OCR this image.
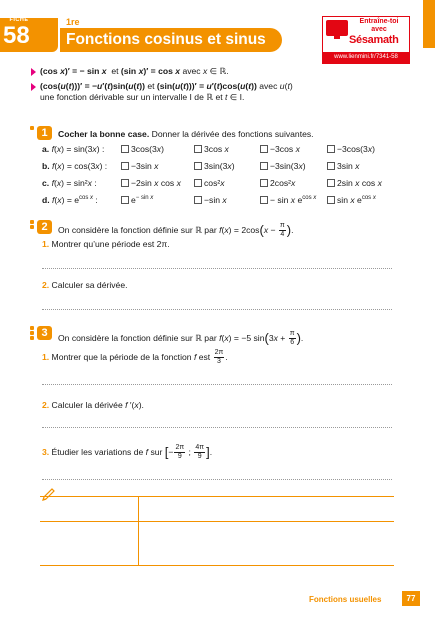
FICHE
58	1re
Fonctions cosinus et sinus
Entraîne-toi avec
Sésamath
www.lienmini.fr/7341-58
(cos x)′ = − sin x  et (sin x)′ = cos x avec x ∈ ℝ.
(cos(u(t)))′ = −u′(t)sin(u(t)) et (sin(u(t)))′ = u′(t)cos(u(t)) avec u(t)
une fonction dérivable sur un intervalle I de ℝ et t ∈ I.
1	Cocher la bonne case. Donner la dérivée des fonctions suivantes.
a. f(x) = sin(3x) :	3cos(3x)	3cos x	−3cos x	−3cos(3x)
b. f(x) = cos(3x) :	−3sin x	3sin(3x)	−3sin(3x)	3sin x
c. f(x) = sin²x :	−2sin x cos x	cos²x	2cos²x	2sin x cos x
d. $f(x) = e^{cos x}$ :	$e^{- sin x}$	−sin x	− sin x $e^{cos x}$	sin x $e^{cos x}$
2	On considère la fonction définie sur ℝ par $f(x) = 2\cos(x - \frac{\pi}{4}$ ).
1. Montrer qu’une période est 2π.
2. Calculer sa dérivée.
3	On considère la fonction définie sur ℝ par f(x) = −5 $\sin(3x + \frac{\pi}{6}$ ).
1. Montrer que la période de la fonction f est $\frac{2\pi}{3}$ .
2. Calculer la dérivée f ′(x).
3. Étudier les variations de f sur [− $\frac{2\pi}{9}$ ; $\frac{4\pi}{9}$ ].
Fonctions usuelles	77
